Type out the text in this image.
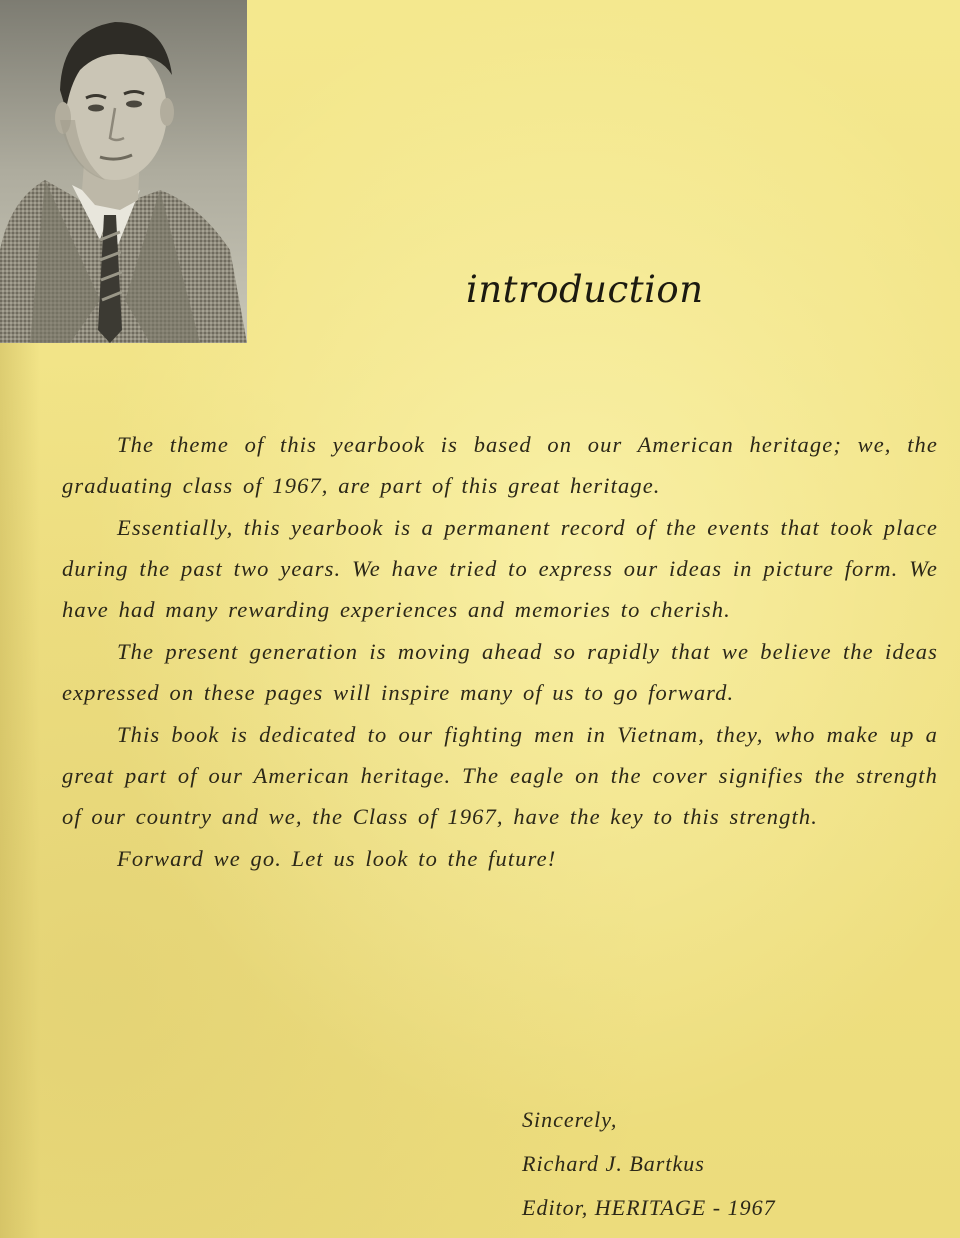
introduction

The theme of this yearbook is based on our American heritage; we, the graduating class of 1967, are part of this great heritage.

Essentially, this yearbook is a permanent record of the events that took place during the past two years. We have tried to express our ideas in picture form. We have had many rewarding experiences and memories to cherish.

The present generation is moving ahead so rapidly that we believe the ideas expressed on these pages will inspire many of us to go forward.

This book is dedicated to our fighting men in Vietnam, they, who make up a great part of our American heritage. The eagle on the cover signifies the strength of our country and we, the Class of 1967, have the key to this strength.

Forward we go. Let us look to the future!

Sincerely,
Richard J. Bartkus
Editor, HERITAGE - 1967
